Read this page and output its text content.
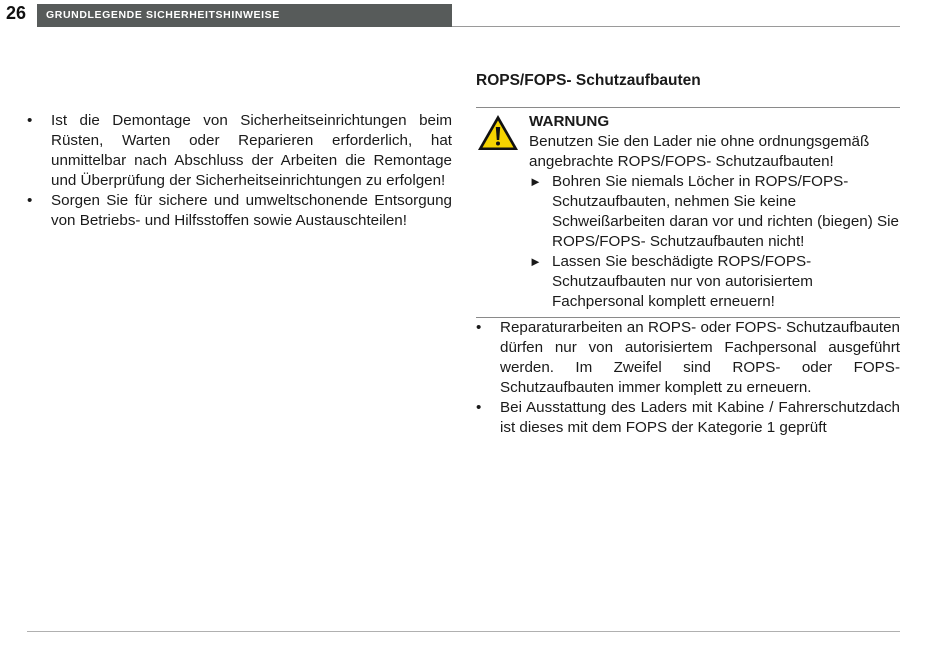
26	GRUNDLEGENDE SICHERHEITSHINWEISE
• Ist die Demontage von Sicherheitseinrichtungen beim Rüsten, Warten oder Reparieren erforderlich, hat unmittelbar nach Abschluss der Arbeiten die Remontage und Überprüfung der Sicherheitseinrichtungen zu erfolgen!
• Sorgen Sie für sichere und umweltschonende Entsorgung von Betriebs- und Hilfsstoffen sowie Austauschteilen!
ROPS/FOPS- Schutzaufbauten
WARNUNG
Benutzen Sie den Lader nie ohne ordnungsgemäß angebrachte ROPS/FOPS- Schutzaufbauten!
► Bohren Sie niemals Löcher in ROPS/FOPS-Schutzaufbauten, nehmen Sie keine Schweißarbeiten daran vor und richten (biegen) Sie ROPS/FOPS- Schutzaufbauten nicht!
► Lassen Sie beschädigte ROPS/FOPS- Schutzaufbauten nur von autorisiertem Fachpersonal komplett erneuern!
• Reparaturarbeiten an ROPS- oder FOPS- Schutzaufbauten dürfen nur von autorisiertem Fachpersonal ausgeführt werden. Im Zweifel sind ROPS- oder FOPS-Schutzaufbauten immer komplett zu erneuern.
• Bei Ausstattung des Laders mit Kabine / Fahrerschutzdach ist dieses mit dem FOPS der Kategorie 1 geprüft
